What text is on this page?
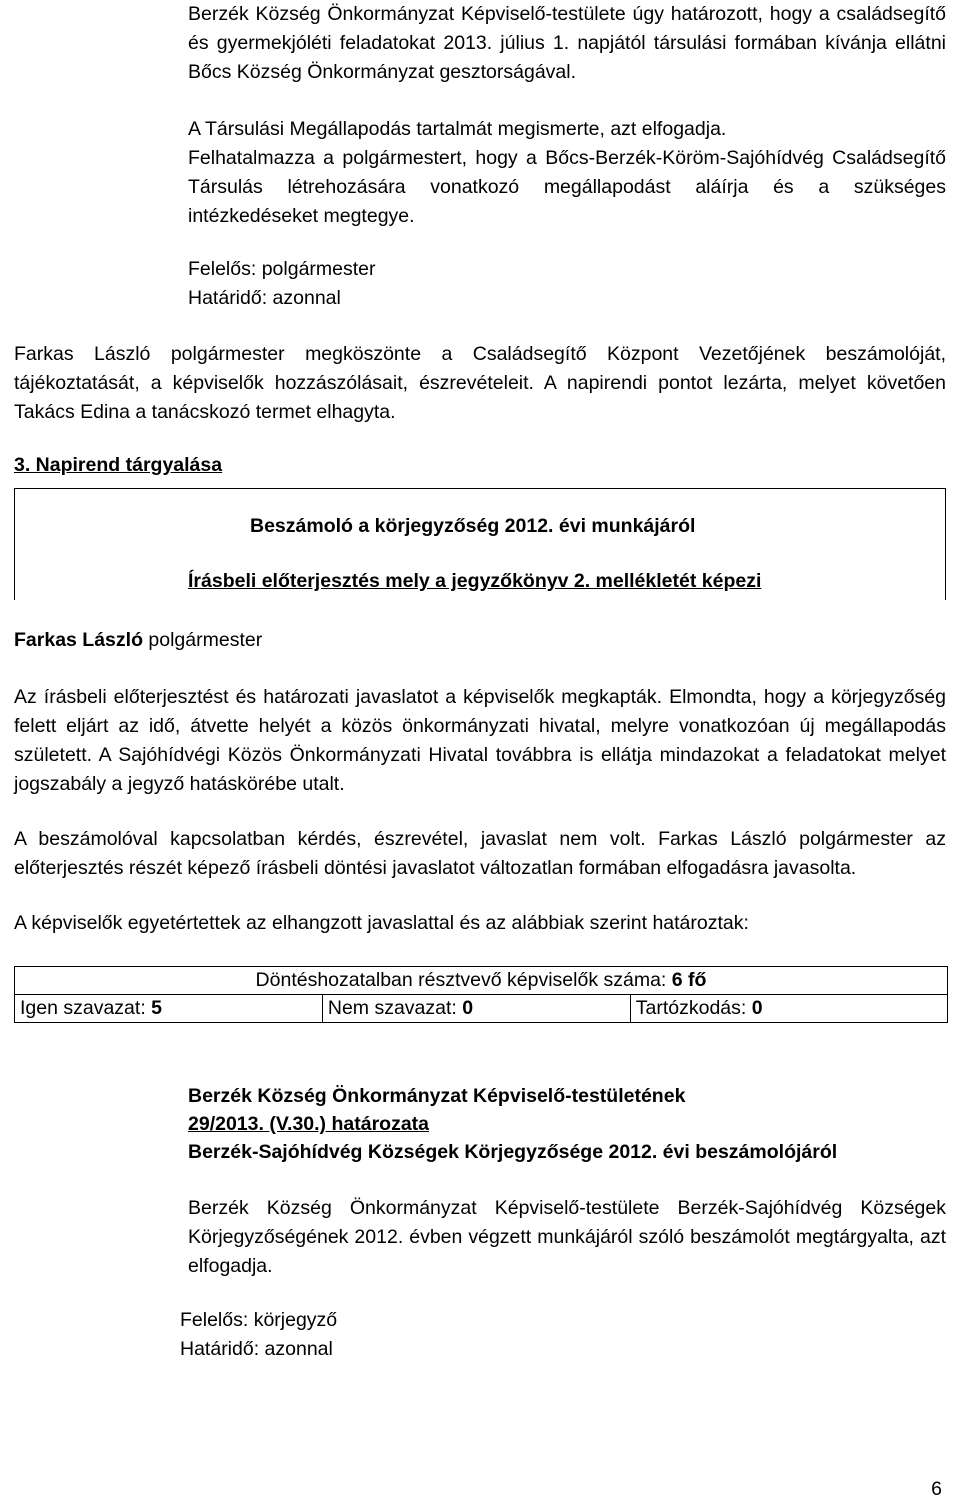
Berzék Község Önkormányzat Képviselő-testülete úgy határozott, hogy a családsegítő és gyermekjóléti feladatokat 2013. július 1. napjától társulási formában kívánja ellátni Bőcs Község Önkormányzat gesztorságával.
A Társulási Megállapodás tartalmát megismerte, azt elfogadja.
Felhatalmazza a polgármestert, hogy a Bőcs-Berzék-Köröm-Sajóhídvég Családsegítő Társulás létrehozására vonatkozó megállapodást aláírja és a szükséges intézkedéseket megtegye.
Felelős: polgármester
Határidő: azonnal
Farkas László polgármester megköszönte a Családsegítő Központ Vezetőjének beszámolóját, tájékoztatását, a képviselők hozzászólásait, észrevételeit. A napirendi pontot lezárta, melyet követően Takács Edina a tanácskozó termet elhagyta.
3. Napirend tárgyalása
Beszámoló a körjegyzőség 2012. évi munkájáról
Írásbeli előterjesztés mely a jegyzőkönyv 2. mellékletét képezi
Farkas László polgármester
Az írásbeli előterjesztést és határozati javaslatot a képviselők megkapták. Elmondta, hogy a körjegyzőség felett eljárt az idő, átvette helyét a közös önkormányzati hivatal, melyre vonatkozóan új megállapodás született. A Sajóhídvégi Közös Önkormányzati Hivatal továbbra is ellátja mindazokat a feladatokat melyet jogszabály a jegyző hatáskörébe utalt.
A beszámolóval kapcsolatban kérdés, észrevétel, javaslat nem volt. Farkas László polgármester az előterjesztés részét képező írásbeli döntési javaslatot változatlan formában elfogadásra javasolta.
A képviselők egyetértettek az elhangzott javaslattal és az alábbiak szerint határoztak:
Döntéshozatalban résztvevő képviselők száma: 6 fő
Igen szavazat: 5	Nem szavazat: 0	Tartózkodás: 0
Berzék Község Önkormányzat Képviselő-testületének
29/2013. (V.30.) határozata
Berzék-Sajóhídvég Községek Körjegyzősége 2012. évi beszámolójáról
Berzék Község Önkormányzat Képviselő-testülete Berzék-Sajóhídvég Községek Körjegyzőségének 2012. évben végzett munkájáról szóló beszámolót megtárgyalta, azt elfogadja.
Felelős: körjegyző
Határidő: azonnal
6
